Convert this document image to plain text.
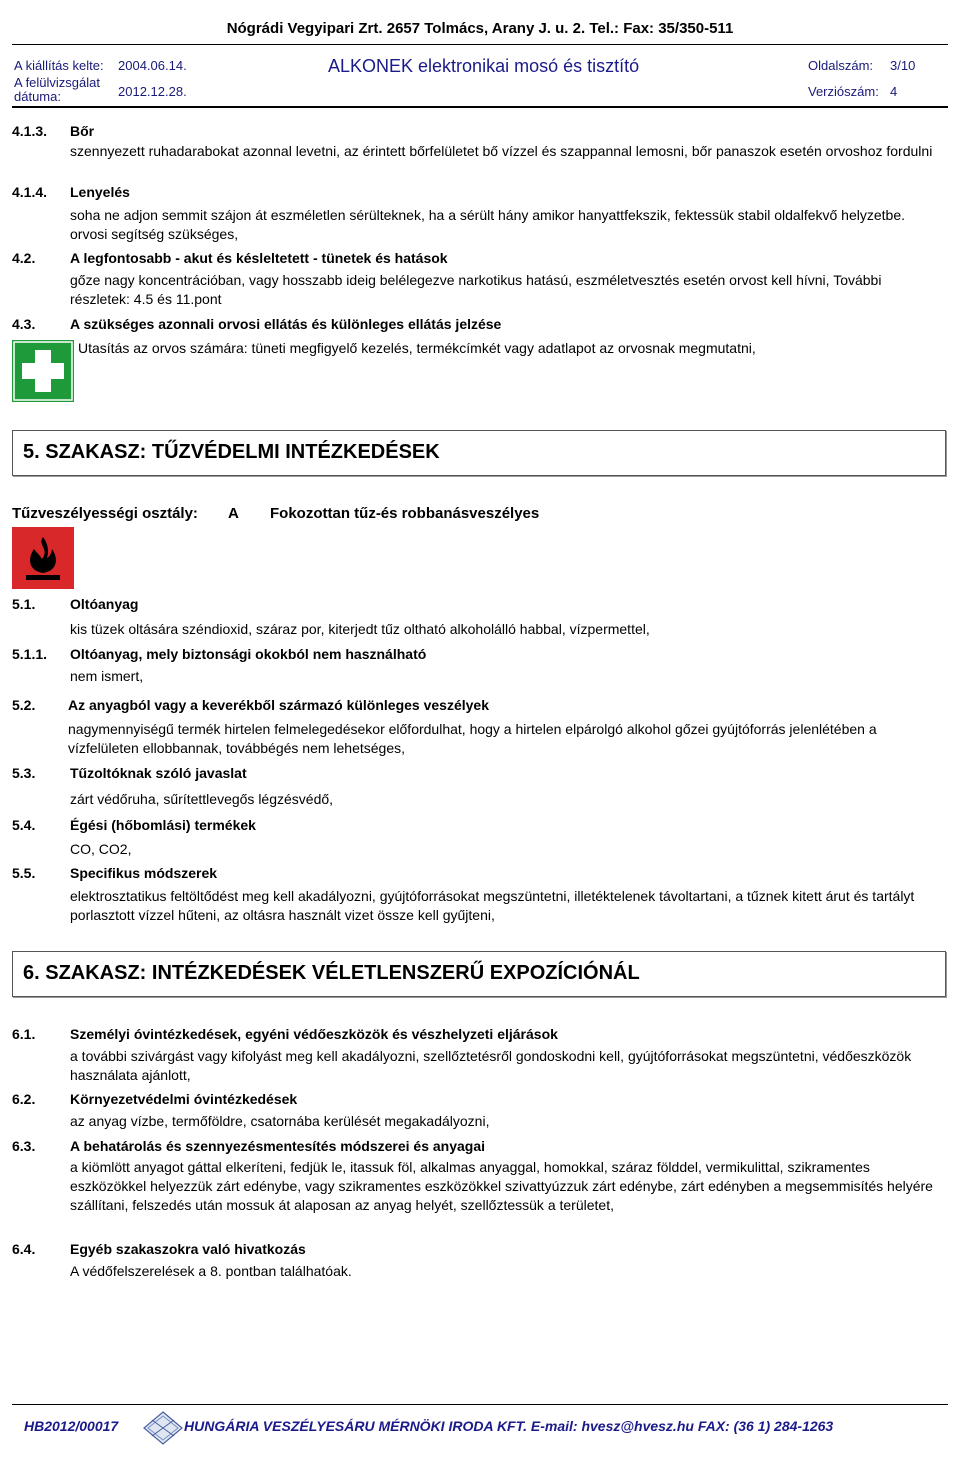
Nógrádi Vegyipari Zrt. 2657 Tolmács, Arany J. u. 2. Tel.: Fax: 35/350-511
A kiállítás kelte: 2004.06.14.
A felülvizsgálat
dátuma:	2012.12.28.
ALKONEK elektronikai mosó és tisztító	Oldalszám: 3/10
Verziószám: 4
4.1.3. Bőr
szennyezett ruhadarabokat azonnal levetni, az érintett bőrfelületet bő vízzel és szappannal lemosni, bőr panaszok esetén orvoshoz fordulni
4.1.4. Lenyelés
soha ne adjon semmit szájon át eszméletlen sérülteknek, ha a sérült hány amikor hanyattfekszik, fektessük stabil oldalfekvő helyzetbe. orvosi segítség szükséges,
4.2. A legfontosabb - akut és késleltetett - tünetek és hatások
gőze nagy koncentrációban, vagy hosszabb ideig belélegezve narkotikus hatású, eszméletvesztés esetén orvost kell hívni, További részletek: 4.5 és 11.pont
4.3. A szükséges azonnali orvosi ellátás és különleges ellátás jelzése
Utasítás az orvos számára: tüneti megfigyelő kezelés, termékcímkét vagy adatlapot az orvosnak megmutatni,
5. SZAKASZ: TŰZVÉDELMI INTÉZKEDÉSEK
Tűzveszélyességi osztály: A Fokozottan tűz-és robbanásveszélyes
5.1. Oltóanyag
kis tüzek oltására széndioxid, száraz por, kiterjedt tűz oltható alkoholálló habbal, vízpermettel,
5.1.1. Oltóanyag, mely biztonsági okokból nem használható
nem ismert,
5.2. Az anyagból vagy a keverékből származó különleges veszélyek
nagymennyiségű termék hirtelen felmelegedésekor előfordulhat, hogy a hirtelen elpárolgó alkohol gőzei gyújtóforrás jelenlétében a vízfelületen ellobbannak, továbbégés nem lehetséges,
5.3. Tűzoltóknak szóló javaslat
zárt védőruha, sűrítettlevegős légzésvédő,
5.4. Égési (hőbomlási) termékek
CO, CO2,
5.5. Specifikus módszerek
elektrosztatikus feltöltődést meg kell akadályozni, gyújtóforrásokat megszüntetni, illetéktelenek távoltartani, a tűznek kitett árut és tartályt porlasztott vízzel hűteni, az oltásra használt vizet össze kell gyűjteni,
6. SZAKASZ: INTÉZKEDÉSEK VÉLETLENSZERŰ EXPOZÍCIÓNÁL
6.1. Személyi óvintézkedések, egyéni védőeszközök és vészhelyzeti eljárások
a további szivárgást vagy kifolyást meg kell akadályozni, szellőztetésről gondoskodni kell, gyújtóforrásokat megszüntetni, védőeszközök használata ajánlott,
6.2. Környezetvédelmi óvintézkedések
az anyag vízbe, termőföldre, csatornába kerülését megakadályozni,
6.3. A behatárolás és szennyezésmentesítés módszerei és anyagai
a kiömlött anyagot gáttal elkeríteni, fedjük le, itassuk föl, alkalmas anyaggal, homokkal, száraz földdel, vermikulittal, szikramentes eszközökkel helyezzük zárt edénybe, vagy szikramentes eszközökkel szivattyúzzuk zárt edénybe, zárt edényben a megsemmisítés helyére szállítani, felszedés után mossuk át alaposan az anyag helyét, szellőztessük a területet,
6.4. Egyéb szakaszokra való hivatkozás
A védőfelszerelések a 8. pontban találhatóak.
HB2012/00017	HUNGÁRIA VESZÉLYESÁRU MÉRNÖKI IRODA KFT. E-mail: hvesz@hvesz.hu FAX: (36 1) 284-1263
